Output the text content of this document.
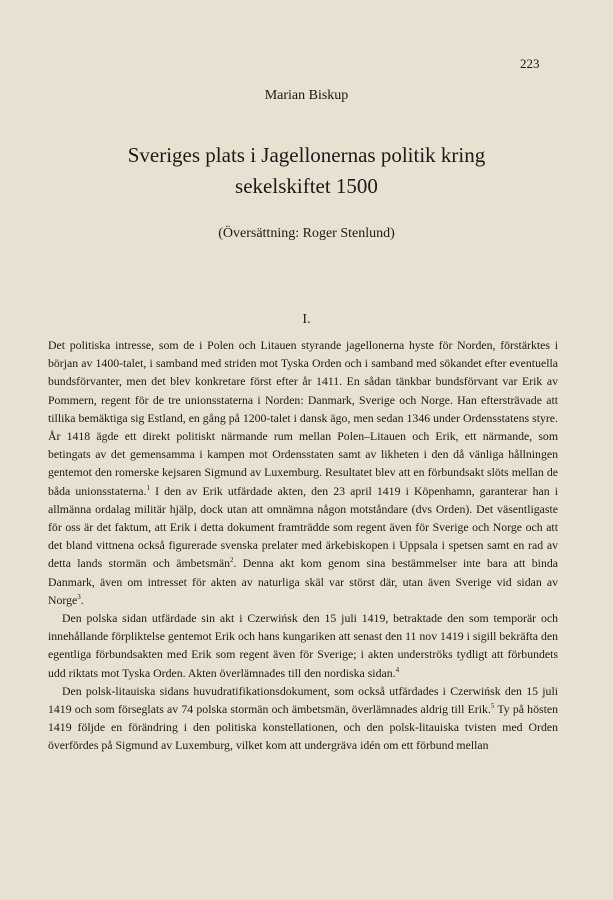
223
Marian Biskup
Sveriges plats i Jagellonernas politik kring
sekelskiftet 1500
(Översättning: Roger Stenlund)
I.

Det politiska intresse, som de i Polen och Litauen styrande jagellonerna hyste för Norden, förstärktes i början av 1400-talet, i samband med striden mot Tyska Orden och i samband med sökandet efter eventuella bundsförvanter, men det blev konkretare först efter år 1411. En sådan tänkbar bundsförvant var Erik av Pommern, regent för de tre unionsstaterna i Norden: Danmark, Sverige och Norge. Han eftersträvade att tillika bemäktiga sig Estland, en gång på 1200-talet i dansk ägo, men sedan 1346 under Ordensstatens styre. År 1418 ägde ett direkt politiskt närmande rum mellan Polen–Litauen och Erik, ett närmande, som betingats av det gemensamma i kampen mot Ordensstaten samt av likheten i den då vänliga hållningen gentemot den romerske kejsaren Sigmund av Luxemburg. Resultatet blev att en förbundsakt slöts mellan de båda unionsstaterna.$^1$ I den av Erik utfärdade akten, den 23 april 1419 i Köpenhamn, garanterar han i allmänna ordalag militär hjälp, dock utan att omnämna någon motståndare (dvs Orden). Det väsentligaste för oss är det faktum, att Erik i detta dokument framträdde som regent även för Sverige och Norge och att det bland vittnena också figurerade svenska prelater med ärkebiskopen i Uppsala i spetsen samt en rad av detta lands stormän och ämbetsmän$^2$. Denna akt kom genom sina bestämmelser inte bara att binda Danmark, även om intresset för akten av naturliga skäl var störst där, utan även Sverige vid sidan av Norge$^3$.

Den polska sidan utfärdade sin akt i Czerwińsk den 15 juli 1419, betraktade den som temporär och innehållande förpliktelse gentemot Erik och hans kungariken att senast den 11 nov 1419 i sigill bekräfta den egentliga förbundsakten med Erik som regent även för Sverige; i akten underströks tydligt att förbundets udd riktats mot Tyska Orden. Akten överlämnades till den nordiska sidan.$^4$

Den polsk-litauiska sidans huvudratifikationsdokument, som också utfärdades i Czerwińsk den 15 juli 1419 och som förseglats av 74 polska stormän och ämbetsmän, överlämnades aldrig till Erik.$^5$ Ty på hösten 1419 följde en förändring i den politiska konstellationen, och den polsk-litauiska tvisten med Orden överfördes på Sigmund av Luxemburg, vilket kom att undergräva idén om ett förbund mellan
